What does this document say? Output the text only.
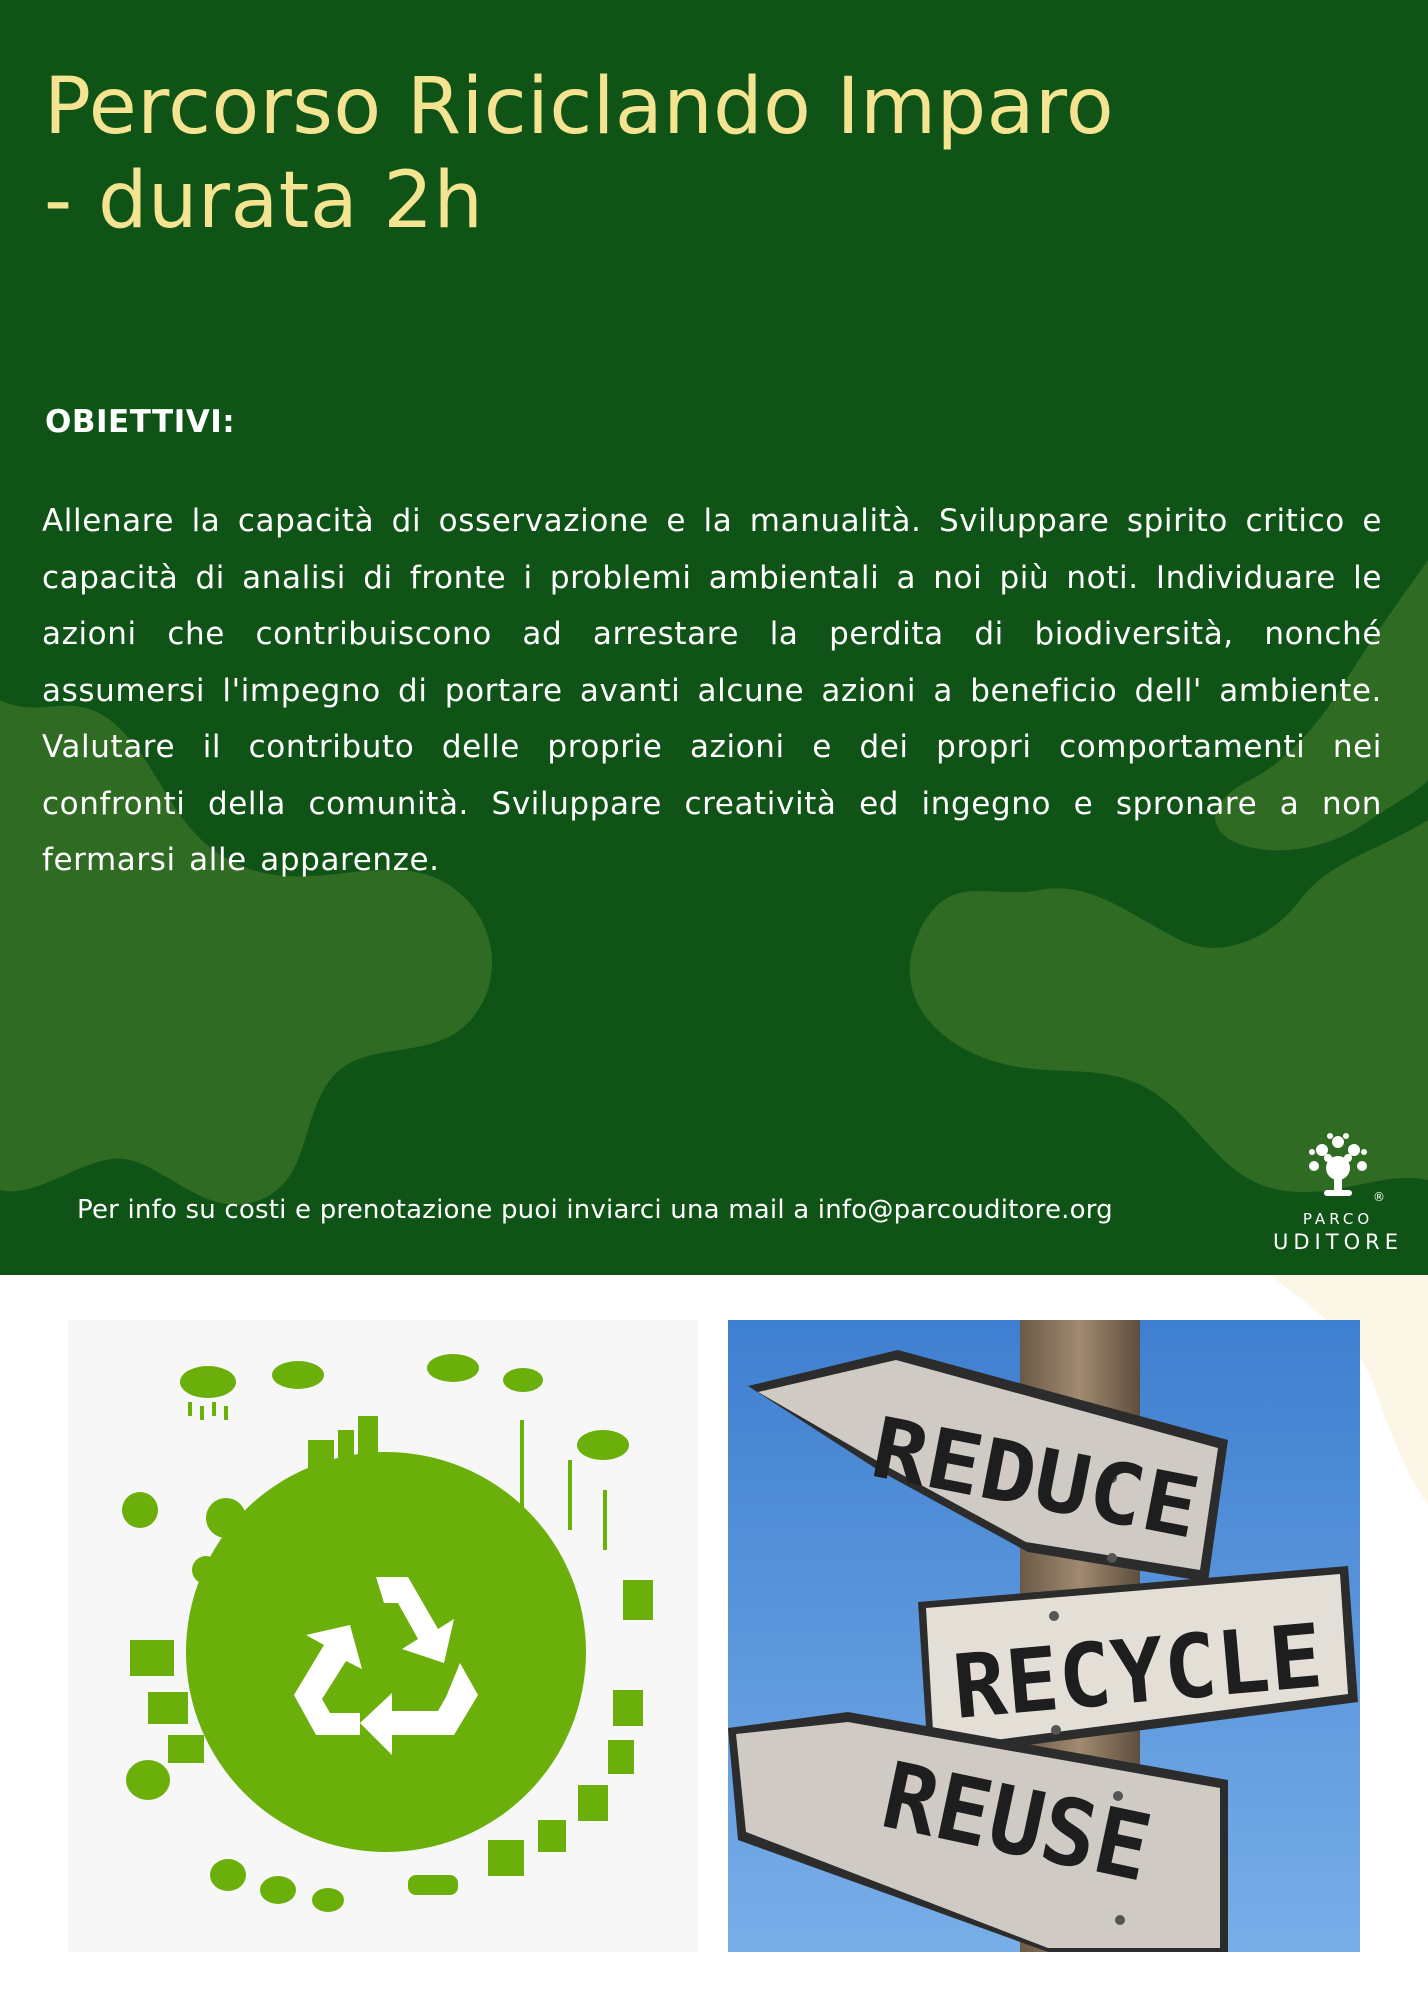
Percorso Riciclando Imparo
- durata 2h
OBIETTIVI:

Allenare la capacità di osservazione e la manualità. Sviluppare spirito critico e capacità di analisi di fronte i problemi ambientali a noi più noti. Individuare le azioni che contribuiscono ad arrestare la perdita di biodiversità, nonché assumersi l'impegno di portare avanti alcune azioni a beneficio dell' ambiente. Valutare il contributo delle proprie azioni e dei propri comportamenti nei confronti della comunità. Sviluppare creatività ed ingegno e spronare a non fermarsi alle apparenze.

Per info su costi e prenotazione puoi inviarci una mail a info@parcouditore.org	®
PARCO
UDITORE
REDUCE
RECYCLE
REUSE
